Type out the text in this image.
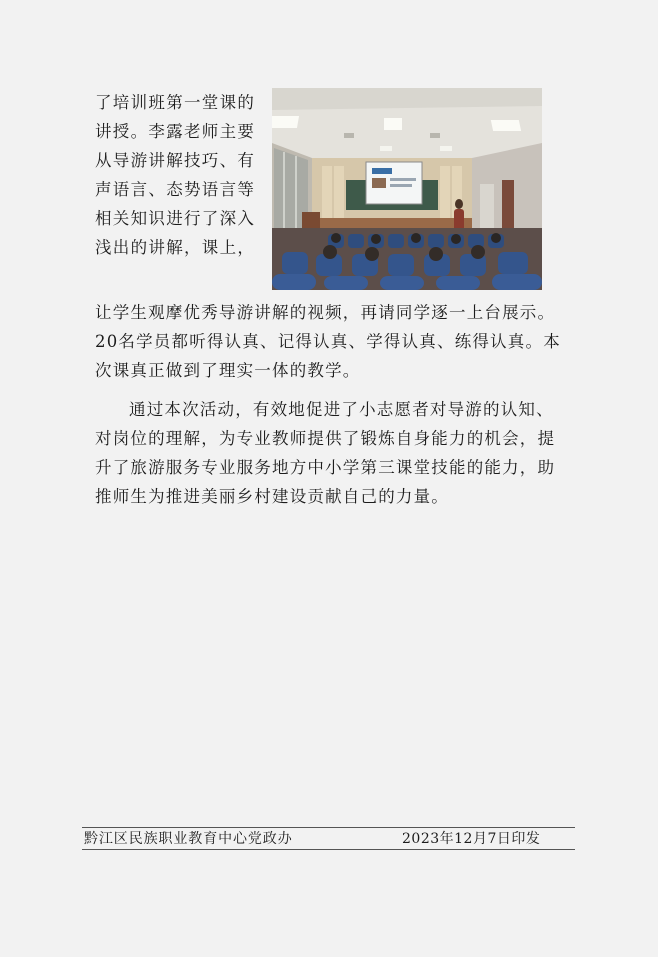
了培训班第一堂课的
讲授。李露老师主要
从导游讲解技巧、有
声语言、态势语言等
相关知识进行了深入
浅出的讲解，课上，
让学生观摩优秀导游讲解的视频，再请同学逐一上台展示。
20名学员都听得认真、记得认真、学得认真、练得认真。本
次课真正做到了理实一体的教学。
通过本次活动，有效地促进了小志愿者对导游的认知、
对岗位的理解，为专业教师提供了锻炼自身能力的机会，提
升了旅游服务专业服务地方中小学第三课堂技能的能力，助
推师生为推进美丽乡村建设贡献自己的力量。
黔江区民族职业教育中心党政办	2023年12月7日印发
